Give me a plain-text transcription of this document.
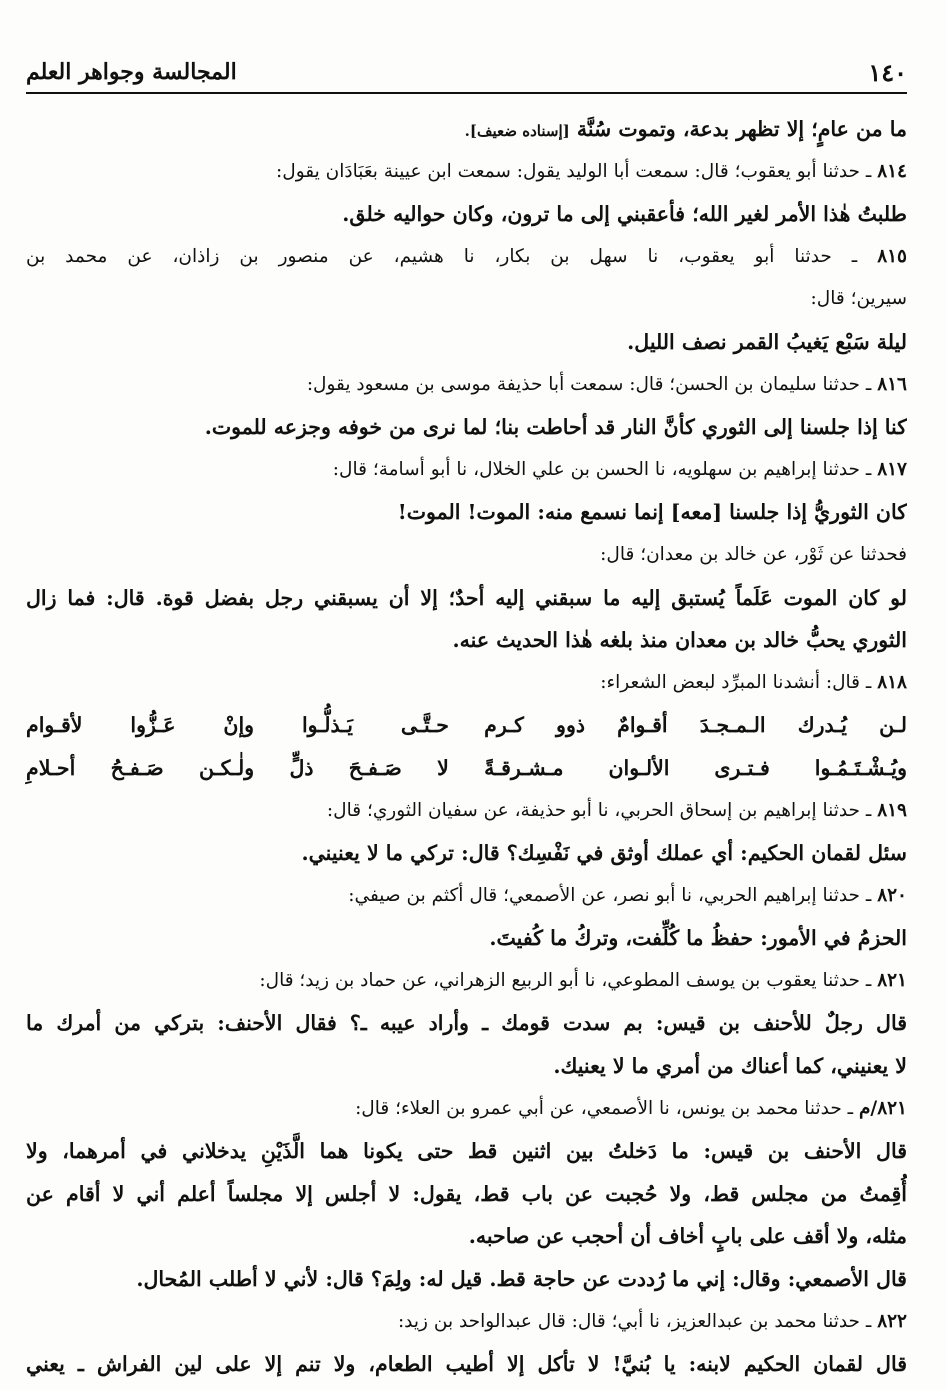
المجالسة وجواهر العلم	١٤٠
ما من عامٍ؛ إلا تظهر بدعة، وتموت سُنَّة [إسناده ضعيف].
٨١٤ ـ حدثنا أبو يعقوب؛ قال: سمعت أبا الوليد يقول: سمعت ابن عيينة بعَبَادَان يقول:
طلبتُ هٰذا الأمر لغير الله؛ فأعقبني إلى ما ترون، وكان حواليه خلق.
٨١٥ ـ حدثنا أبو يعقوب، نا سهل بن بكار، نا هشيم، عن منصور بن زاذان، عن محمد بن
سيرين؛ قال:
ليلة سَبْع يَغيبُ القمر نصف الليل.
٨١٦ ـ حدثنا سليمان بن الحسن؛ قال: سمعت أبا حذيفة موسى بن مسعود يقول:
كنا إذا جلسنا إلى الثوري كأنَّ النار قد أحاطت بنا؛ لما نرى من خوفه وجزعه للموت.
٨١٧ ـ حدثنا إبراهيم بن سهلويه، نا الحسن بن علي الخلال، نا أبو أسامة؛ قال:
كان الثوريُّ إذا جلسنا [معه] إنما نسمع منه: الموت! الموت!
فحدثنا عن ثَوْر، عن خالد بن معدان؛ قال:
لو كان الموت عَلَماً يُستبق إليه ما سبقني إليه أحدٌ؛ إلا أن يسبقني رجل بفضل قوة. قال: فما زال
الثوري يحبُّ خالد بن معدان منذ بلغه هٰذا الحديث عنه.
٨١٨ ـ قال: أنشدنا المبرِّد لبعض الشعراء:
لـن يُـدرك الـمـجـدَ أقـوامٌ ذوو كـرم
حـتَّـى يَـذلُّـوا وإنْ عَـزُّوا لأقـوام
ويُـشْـتَـمُـوا فـتـرى الألـوان مـشـرقـةً
لا صَـفـحَ ذلٍّ ولٰـكـن صَـفـحُ أحـلامِ
٨١٩ ـ حدثنا إبراهيم بن إسحاق الحربي، نا أبو حذيفة، عن سفيان الثوري؛ قال:
سئل لقمان الحكيم: أي عملك أوثق في نَفْسِك؟ قال: تركي ما لا يعنيني.
٨٢٠ ـ حدثنا إبراهيم الحربي، نا أبو نصر، عن الأصمعي؛ قال أكثم بن صيفي:
الحزمُ في الأمور: حفظُ ما كُلِّفت، وتركُ ما كُفيتَ.
٨٢١ ـ حدثنا يعقوب بن يوسف المطوعي، نا أبو الربيع الزهراني، عن حماد بن زيد؛ قال:
قال رجلٌ للأحنف بن قيس: بم سدت قومك ـ وأراد عيبه ـ؟ فقال الأحنف: بتركي من أمرك ما
لا يعنيني، كما أعناك من أمري ما لا يعنيك.
٨٢١/م ـ حدثنا محمد بن يونس، نا الأصمعي، عن أبي عمرو بن العلاء؛ قال:
قال الأحنف بن قيس: ما دَخلتُ بين اثنين قط حتى يكونا هما الَّذَيْنِ يدخلاني في أمرهما، ولا
أُقِمتُ من مجلس قط، ولا حُجبت عن باب قط، يقول: لا أجلس إلا مجلساً أعلم أني لا أقام عن
مثله، ولا أقف على بابٍ أخاف أن أحجب عن صاحبه.
قال الأصمعي: وقال: إني ما رُددت عن حاجة قط. قيل له: ولِمَ؟ قال: لأني لا أطلب المُحال.
٨٢٢ ـ حدثنا محمد بن عبدالعزيز، نا أبي؛ قال: قال عبدالواحد بن زيد:
قال لقمان الحكيم لابنه: يا بُنيَّ! لا تأكل إلا أطيب الطعام، ولا تنم إلا على لين الفراش ـ يعني
